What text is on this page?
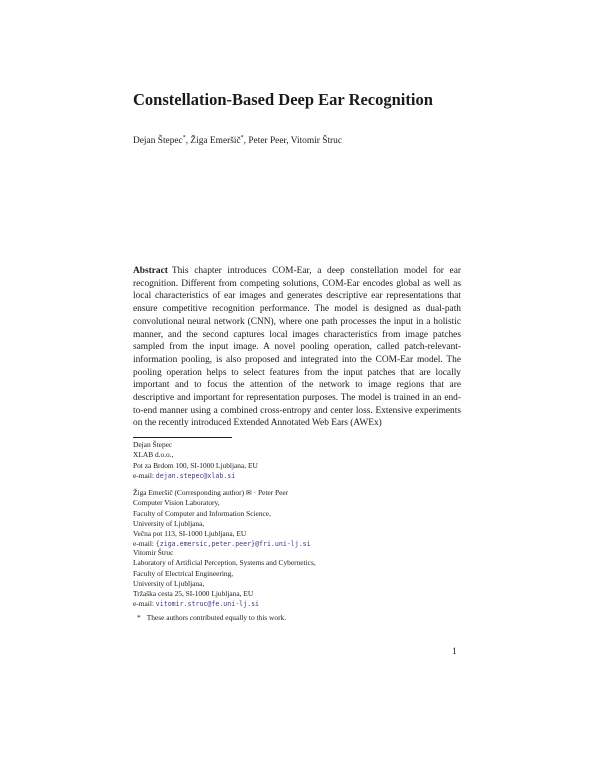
Constellation-Based Deep Ear Recognition

Dejan Štepec*, Žiga Emeršič*, Peter Peer, Vitomir Štruc

Abstract This chapter introduces COM-Ear, a deep constellation model for ear recognition. Different from competing solutions, COM-Ear encodes global as well as local characteristics of ear images and generates descriptive ear representations that ensure competitive recognition performance. The model is designed as dual-path convolutional neural network (CNN), where one path processes the input in a holistic manner, and the second captures local images characteristics from image patches sampled from the input image. A novel pooling operation, called patch-relevant-information pooling, is also proposed and integrated into the COM-Ear model. The pooling operation helps to select features from the input patches that are locally important and to focus the attention of the network to image regions that are descriptive and important for representation purposes. The model is trained in an end-to-end manner using a combined cross-entropy and center loss. Extensive experiments on the recently introduced Extended Annotated Web Ears (AWEx)

Dejan Štepec
XLAB d.o.o.,
Pot za Brdom 100, SI-1000 Ljubljana, EU
e-mail: dejan.stepec@xlab.si
Žiga Emeršič (Corresponding author) ✉ · Peter Peer
Computer Vision Laboratory,
Faculty of Computer and Information Science,
University of Ljubljana,
Večna pot 113, SI-1000 Ljubljana, EU
e-mail: {ziga.emersic,peter.peer}@fri.uni-lj.si
Vitomir Štruc
Laboratory of Artificial Perception, Systems and Cybernetics,
Faculty of Electrical Engineering,
University of Ljubljana,
Tržaška cesta 25, SI-1000 Ljubljana, EU
e-mail: vitomir.struc@fe.uni-lj.si

* These authors contributed equally to this work.

1
